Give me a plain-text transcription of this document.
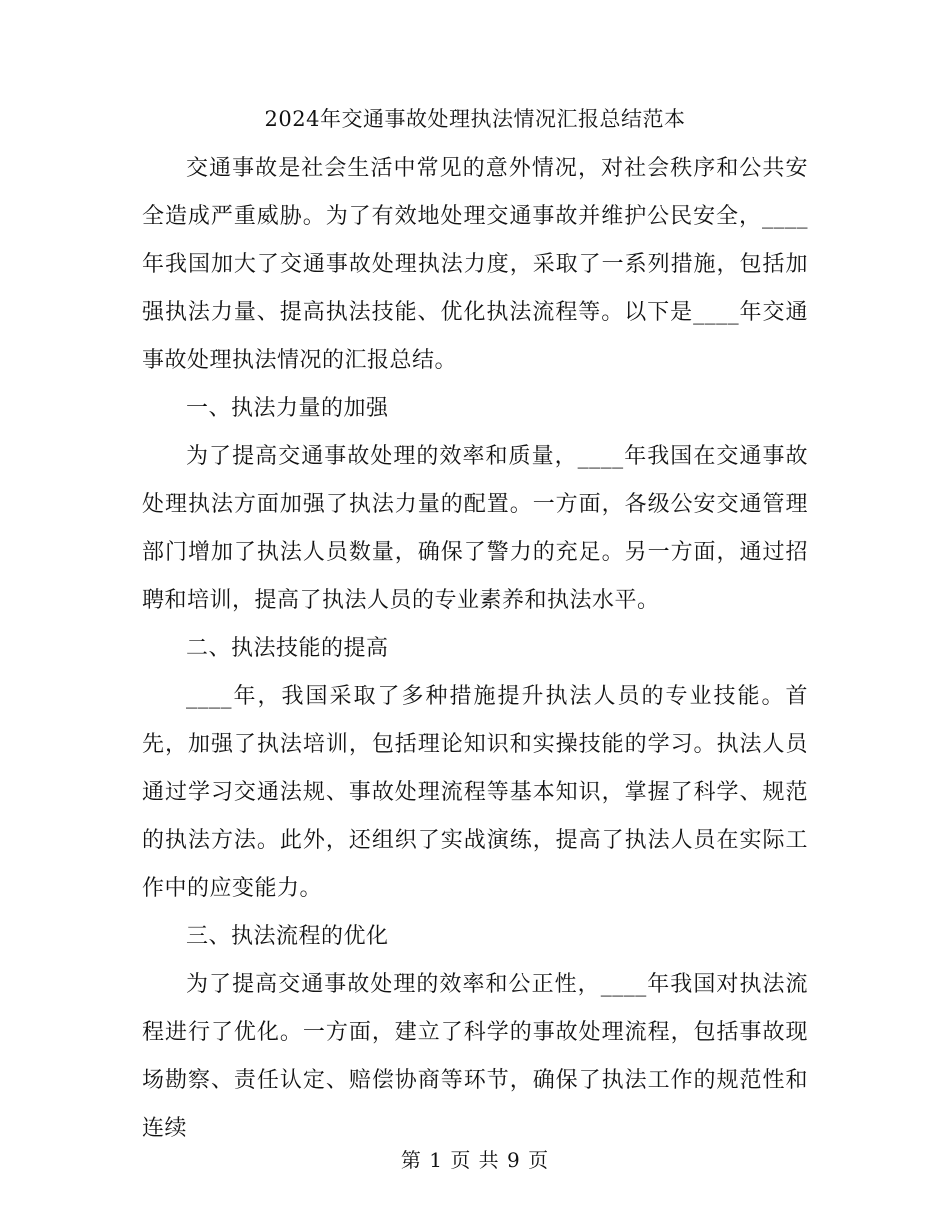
2024年交通事故处理执法情况汇报总结范本

交通事故是社会生活中常见的意外情况，对社会秩序和公共安全造成严重威胁。为了有效地处理交通事故并维护公民安全，____年我国加大了交通事故处理执法力度，采取了一系列措施，包括加强执法力量、提高执法技能、优化执法流程等。以下是____年交通事故处理执法情况的汇报总结。

一、执法力量的加强

为了提高交通事故处理的效率和质量，____年我国在交通事故处理执法方面加强了执法力量的配置。一方面，各级公安交通管理部门增加了执法人员数量，确保了警力的充足。另一方面，通过招聘和培训，提高了执法人员的专业素养和执法水平。

二、执法技能的提高

____年，我国采取了多种措施提升执法人员的专业技能。首先，加强了执法培训，包括理论知识和实操技能的学习。执法人员通过学习交通法规、事故处理流程等基本知识，掌握了科学、规范的执法方法。此外，还组织了实战演练，提高了执法人员在实际工作中的应变能力。

三、执法流程的优化

为了提高交通事故处理的效率和公正性，____年我国对执法流程进行了优化。一方面，建立了科学的事故处理流程，包括事故现场勘察、责任认定、赔偿协商等环节，确保了执法工作的规范性和连续

第 1 页 共 9 页
